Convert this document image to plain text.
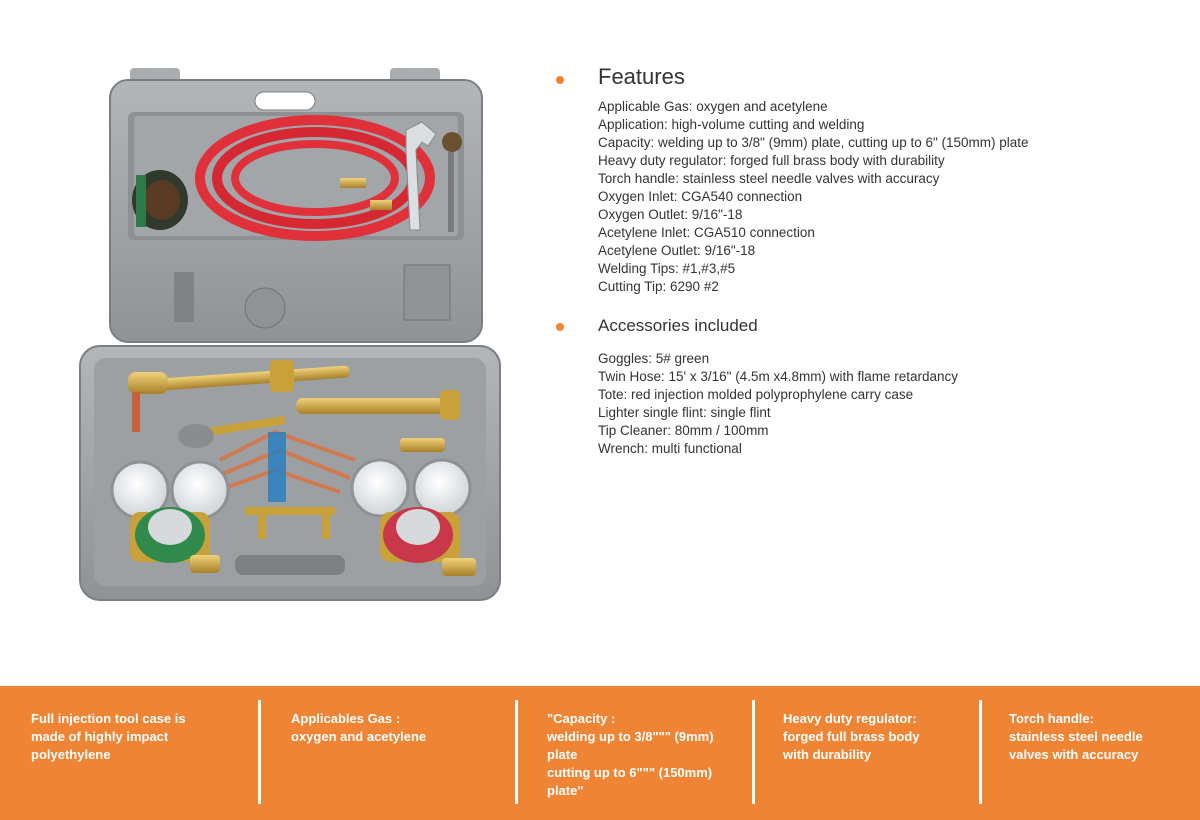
Features
Applicable Gas: oxygen and acetylene
Application: high-volume cutting and welding
Capacity: welding up to 3/8" (9mm) plate, cutting up to 6" (150mm) plate
Heavy duty regulator: forged full brass body with durability
Torch handle: stainless steel needle valves with accuracy
Oxygen Inlet: CGA540 connection
Oxygen Outlet: 9/16"-18
Acetylene Inlet: CGA510 connection
Acetylene Outlet: 9/16"-18
Welding Tips: #1,#3,#5
Cutting Tip: 6290 #2
Accessories included
Goggles: 5# green
Twin Hose: 15' x 3/16" (4.5m x4.8mm) with flame retardancy
Tote: red injection molded polyprophylene carry case
Lighter single flint: single flint
Tip Cleaner: 80mm / 100mm
Wrench: multi functional
Full injection tool case is
made of highly impact
polyethylene
Applicables Gas :
oxygen and acetylene
"Capacity :
welding up to 3/8""" (9mm)
plate
cutting up to 6""" (150mm)
plate"
Heavy duty regulator:
forged full brass body
with durability
Torch handle:
stainless steel needle
valves with accuracy
